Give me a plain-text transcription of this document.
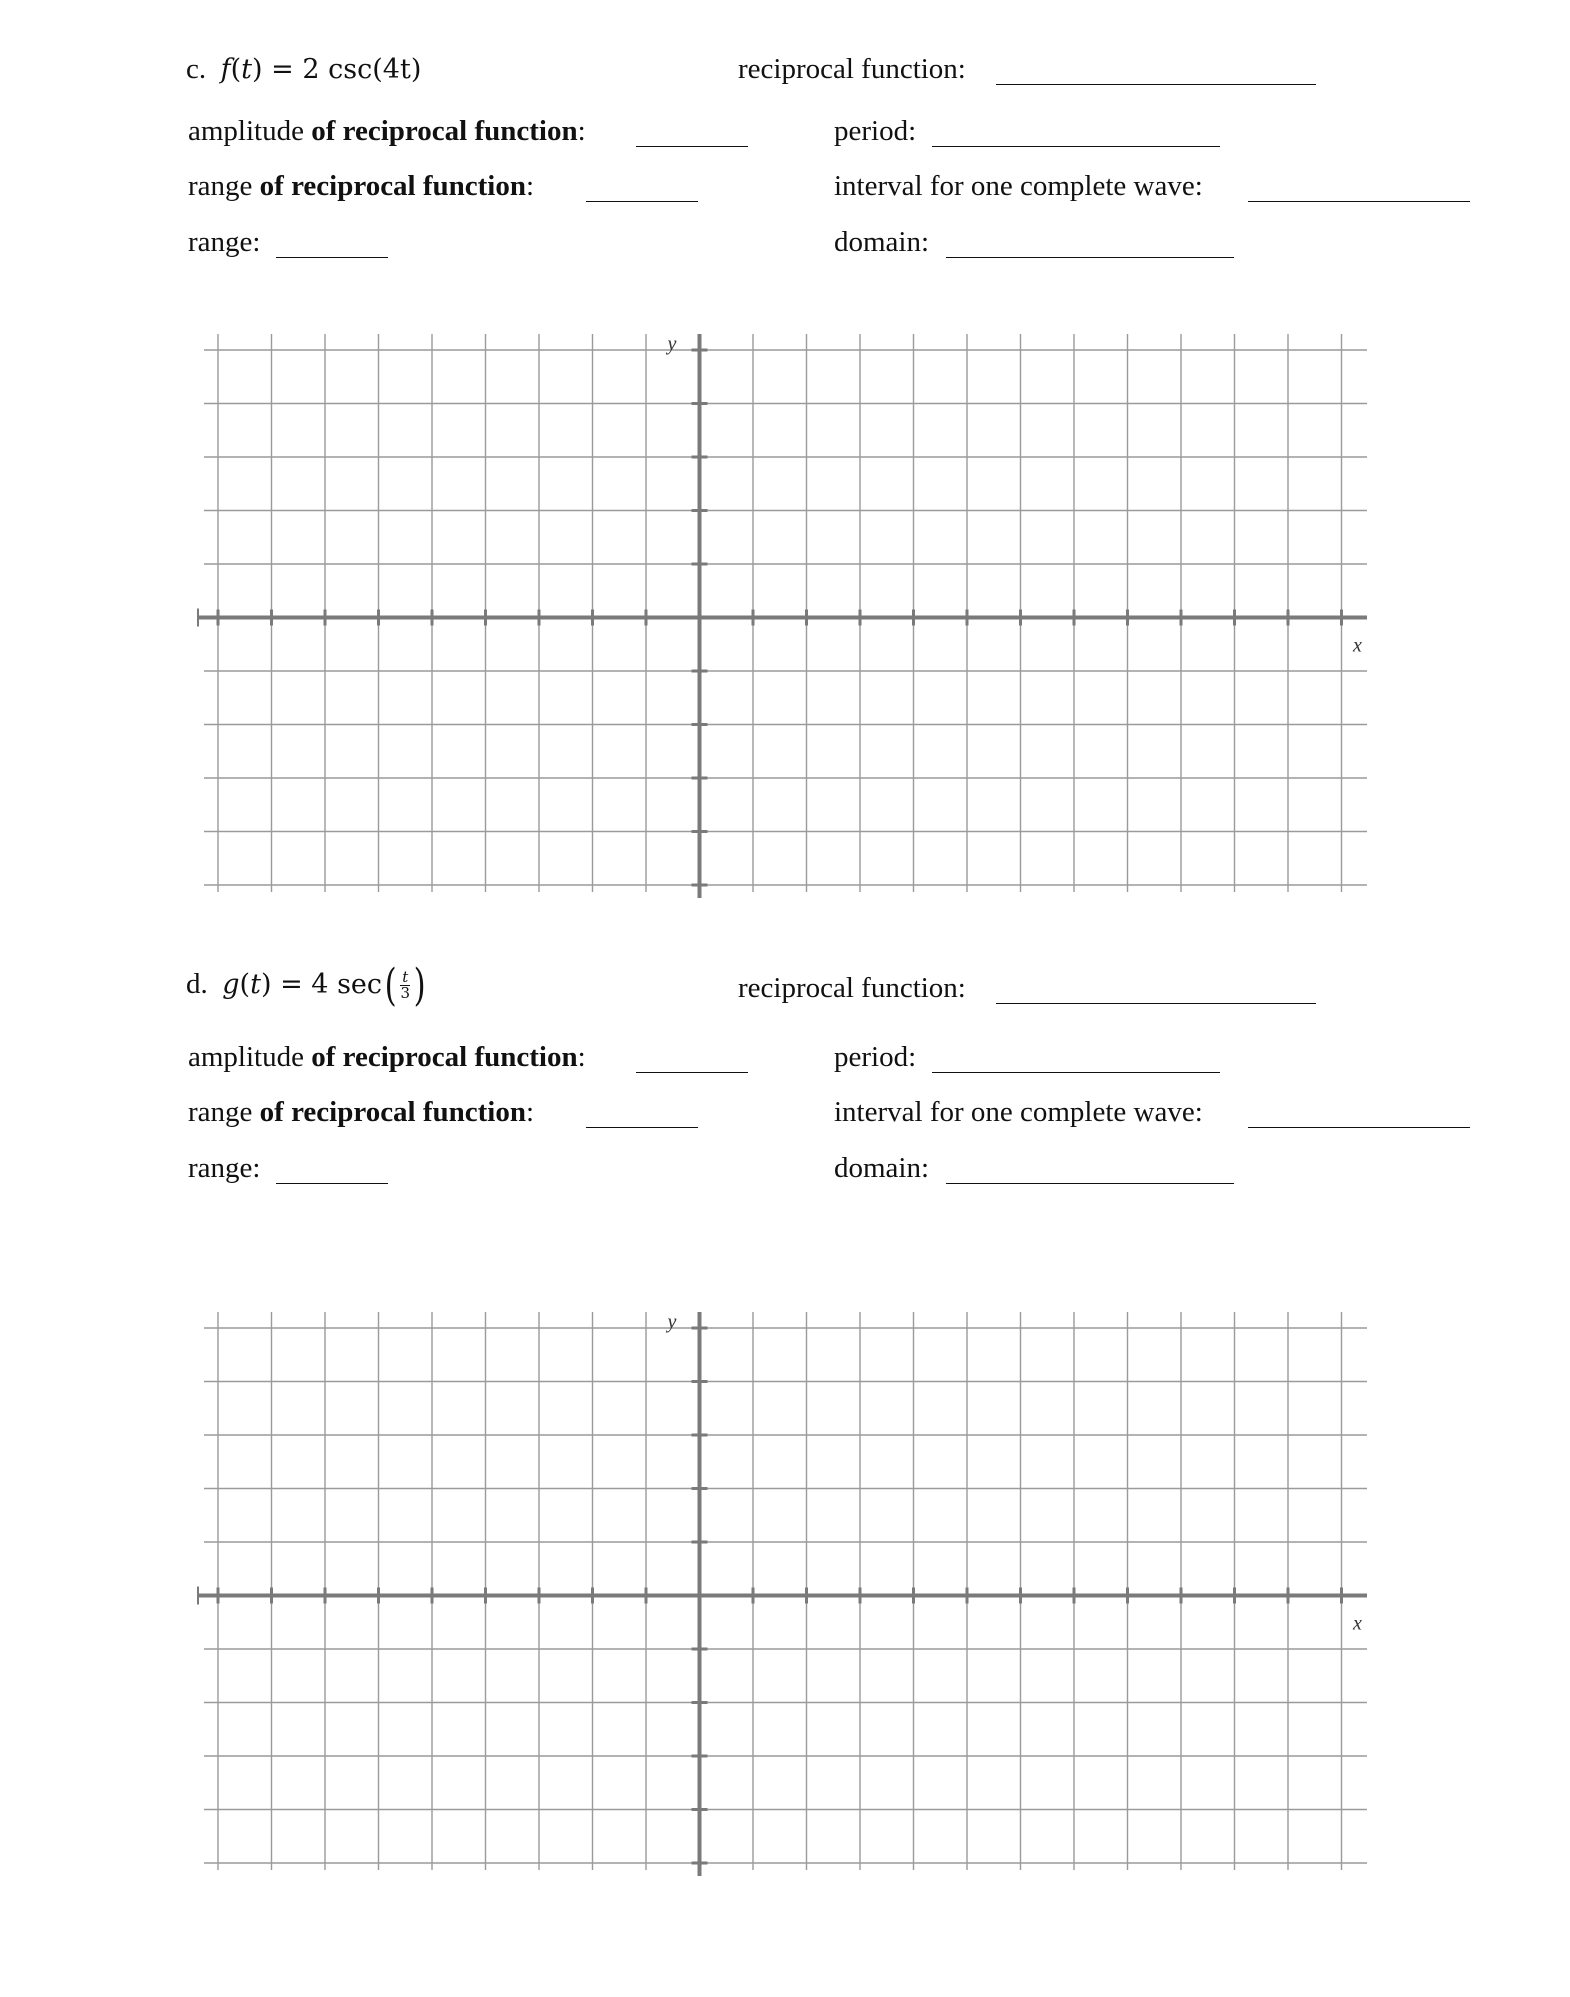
c. f(t) = 2 csc(4t)	reciprocal function:
amplitude of reciprocal function:	period:
range of reciprocal function:	interval for one complete wave:
range:	domain:
y
x
d. g(t) = 4 $\sec( \frac{t}{3}$ )	reciprocal function:
amplitude of reciprocal function:	period:
range of reciprocal function:	interval for one complete wave:
range:	domain:
y
x
